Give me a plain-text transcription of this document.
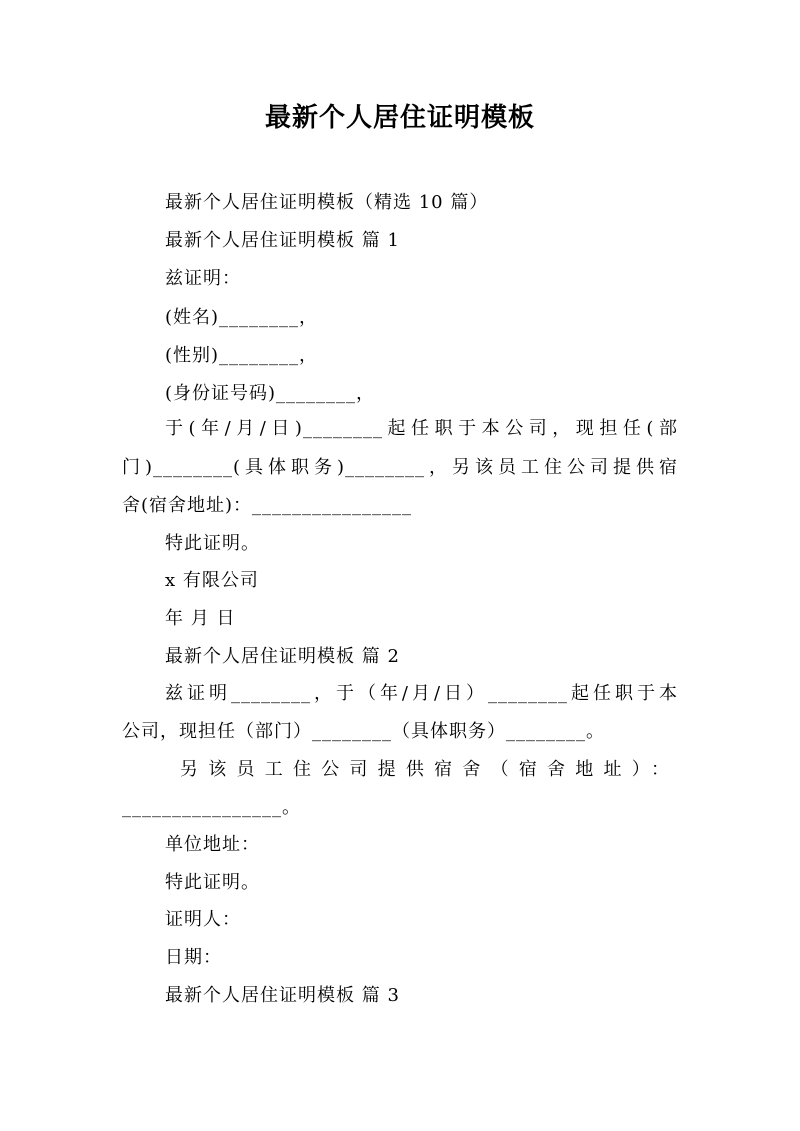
最新个人居住证明模板
最新个人居住证明模板（精选 10 篇）
最新个人居住证明模板 篇 1
兹证明：
(姓名)________，
(性别)________，
(身份证号码)________，
于(年/月/日)________起任职于本公司，现担任(部
门)________(具体职务)________，另该员工住公司提供宿
舍(宿舍地址)：________________
特此证明。
x 有限公司
年 月 日
最新个人居住证明模板 篇 2
兹证明________，于（年/月/日）________起任职于本
公司，现担任（部门）________（具体职务）________。
另该员工住公司提供宿舍（宿舍地址）：
________________。
单位地址：
特此证明。
证明人：
日期：
最新个人居住证明模板 篇 3
